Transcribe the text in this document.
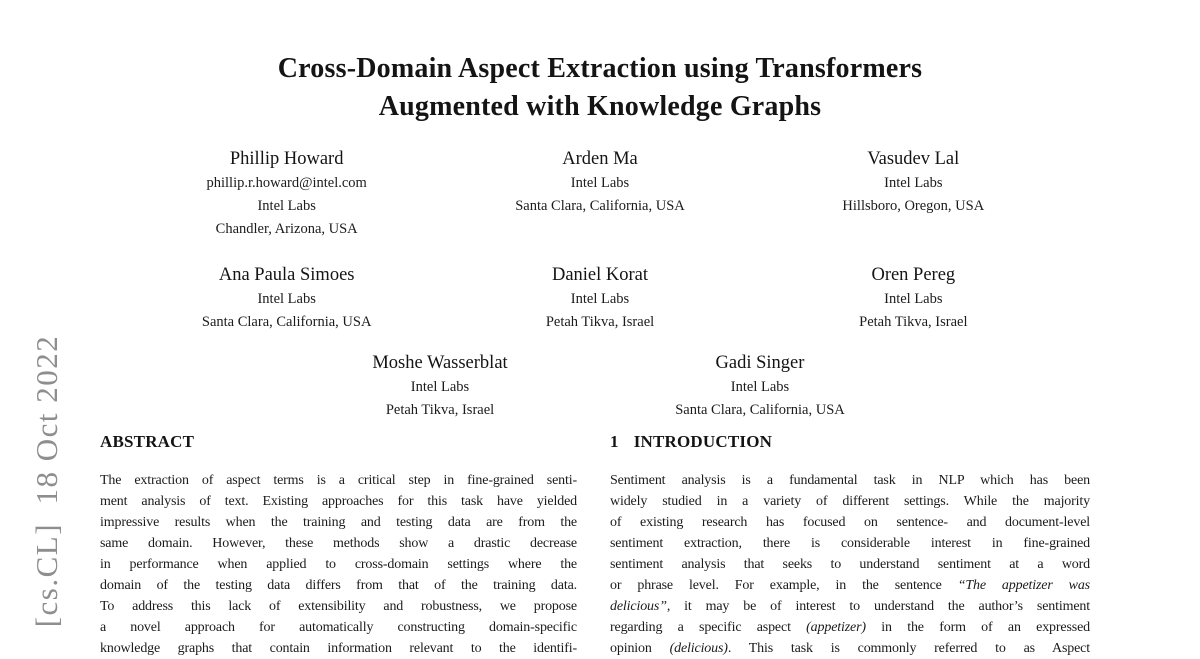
[cs.CL]  18 Oct 2022
Cross-Domain Aspect Extraction using Transformers
Augmented with Knowledge Graphs
Phillip Howard
phillip.r.howard@intel.com
Intel Labs
Chandler, Arizona, USA
Arden Ma
Intel Labs
Santa Clara, California, USA
Vasudev Lal
Intel Labs
Hillsboro, Oregon, USA
Ana Paula Simoes
Intel Labs
Santa Clara, California, USA
Daniel Korat
Intel Labs
Petah Tikva, Israel
Oren Pereg
Intel Labs
Petah Tikva, Israel
Moshe Wasserblat
Intel Labs
Petah Tikva, Israel
Gadi Singer
Intel Labs
Santa Clara, California, USA
ABSTRACT
The extraction of aspect terms is a critical step in fine-grained senti-
ment analysis of text. Existing approaches for this task have yielded
impressive results when the training and testing data are from the
same domain. However, these methods show a drastic decrease
in performance when applied to cross-domain settings where the
domain of the testing data differs from that of the training data.
To address this lack of extensibility and robustness, we propose
a novel approach for automatically constructing domain-specific
knowledge graphs that contain information relevant to the identifi-
1 INTRODUCTION
Sentiment analysis is a fundamental task in NLP which has been
widely studied in a variety of different settings. While the majority
of existing research has focused on sentence- and document-level
sentiment extraction, there is considerable interest in fine-grained
sentiment analysis that seeks to understand sentiment at a word
or phrase level. For example, in the sentence “The appetizer was
delicious”, it may be of interest to understand the author’s sentiment
regarding a specific aspect (appetizer) in the form of an expressed
opinion (delicious). This task is commonly referred to as Aspect
